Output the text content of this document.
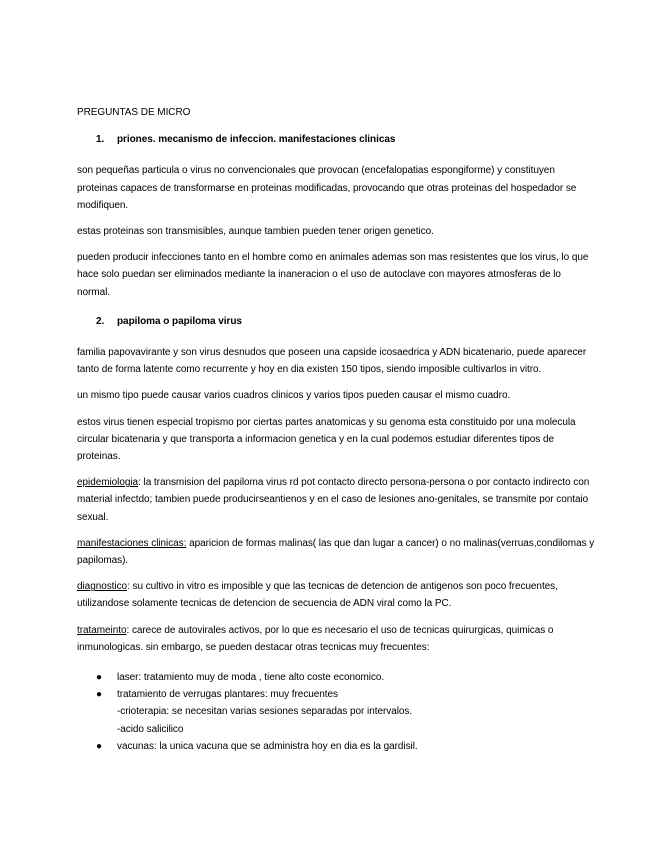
PREGUNTAS DE MICRO
1.	priones. mecanismo de infeccion. manifestaciones clinicas

son pequeñas particula o virus no convencionales que provocan (encefalopatias espongiforme) y constituyen proteinas capaces de transformarse en proteinas modificadas, provocando que otras proteinas del hospedador se modifiquen.

estas proteinas son transmisibles, aunque tambien pueden tener origen genetico.

pueden producir infecciones tanto en el hombre como en animales ademas son mas resistentes que los virus, lo que hace solo puedan ser eliminados mediante la inaneracion o el uso de autoclave con mayores atmosferas de lo normal.

2.	papiloma o papiloma virus

familia papovavirante y son virus desnudos que poseen una capside icosaedrica y ADN bicatenario, puede aparecer tanto de forma latente como recurrente y hoy en dia existen 150 tipos, siendo imposible cultivarlos in vitro.

un mismo tipo puede causar varios cuadros clinicos y varios tipos pueden causar el mismo cuadro.

estos virus tienen especial tropismo por ciertas partes anatomicas y su genoma esta constituido por una molecula circular bicatenaria y que transporta a informacion genetica y en la cual podemos estudiar diferentes tipos de proteinas.

epidemiologia: la transmision del papiloma virus rd pot contacto directo persona-persona o por contacto indirecto con material infectdo; tambien puede producirseantienos y en el caso de lesiones ano-genitales, se transmite por contaio sexual.

manifestaciones clinicas: aparicion de formas malinas( las que dan lugar a cancer) o no malinas(verruas,condilomas y papilomas).

diagnostico: su cultivo in vitro es imposible y que las tecnicas de detencion de antigenos son poco frecuentes, utilizandose solamente tecnicas de detencion de secuencia de ADN viral como la PC.

tratameinto: carece de autovirales activos, por lo que es necesario el uso de tecnicas quirurgicas, quimicas o inmunologicas. sin embargo, se pueden destacar otras tecnicas muy frecuentes:

● laser: tratamiento muy de moda , tiene alto coste economico.
● tratamiento de verrugas plantares: muy frecuentes
-crioterapia: se necesitan varias sesiones separadas por intervalos.
-acido salicilico
● vacunas: la unica vacuna que se administra hoy en dia es la gardisil.
